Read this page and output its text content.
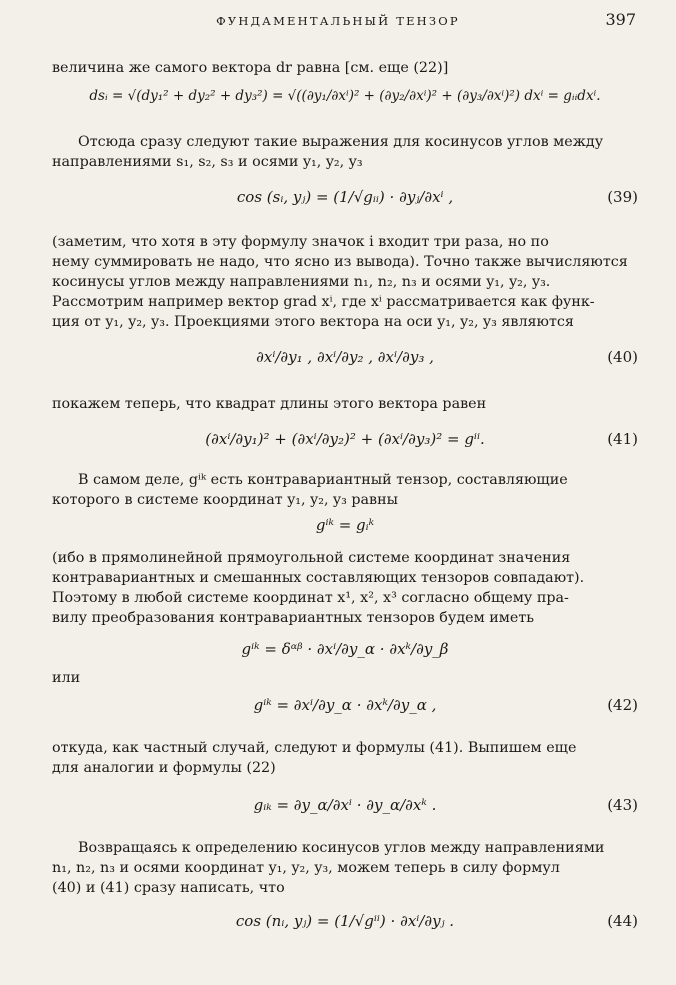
ФУНДАМЕНТАЛЬНЫЙ ТЕНЗОР	397
величина же самого вектора dr равна [см. еще (22)]
dsᵢ = √(dy₁² + dy₂² + dy₃²) = √((∂y₁/∂xⁱ)² + (∂y₂/∂xⁱ)² + (∂y₃/∂xⁱ)²) dxⁱ = gᵢᵢdxⁱ.
Отсюда сразу следуют такие выражения для косинусов углов между
направлениями s₁, s₂, s₃ и осями y₁, y₂, y₃
cos (sᵢ, yⱼ) = (1/√gᵢᵢ) · ∂yⱼ/∂xⁱ ,	(39)
(заметим, что хотя в эту формулу значок i входит три раза, но по
нему суммировать не надо, что ясно из вывода). Точно также вычисляются
косинусы углов между направлениями n₁, n₂, n₃ и осями y₁, y₂, y₃.
Рассмотрим например вектор grad xⁱ, где xⁱ рассматривается как функ-
ция от y₁, y₂, y₃. Проекциями этого вектора на оси y₁, y₂, y₃ являются
∂xⁱ/∂y₁ , ∂xⁱ/∂y₂ , ∂xⁱ/∂y₃ ,	(40)
покажем теперь, что квадрат длины этого вектора равен
(∂xⁱ/∂y₁)² + (∂xⁱ/∂y₂)² + (∂xⁱ/∂y₃)² = gⁱⁱ.	(41)
В самом деле, gⁱᵏ есть контравариантный тензор, составляющие
которого в системе координат y₁, y₂, y₃ равны
gⁱᵏ = gᵢᵏ
(ибо в прямолинейной прямоугольной системе координат значения
контравариантных и смешанных составляющих тензоров совпадают).
Поэтому в любой системе координат x¹, x², x³ согласно общему пра-
вилу преобразования контравариантных тензоров будем иметь
gⁱᵏ = δᵅᵝ · ∂xⁱ/∂y_α · ∂xᵏ/∂y_β
или
gⁱᵏ = ∂xⁱ/∂y_α · ∂xᵏ/∂y_α ,	(42)
откуда, как частный случай, следуют и формулы (41). Выпишем еще
для аналогии и формулы (22)
gᵢₖ = ∂y_α/∂xⁱ · ∂y_α/∂xᵏ .	(43)
Возвращаясь к определению косинусов углов между направлениями
n₁, n₂, n₃ и осями координат y₁, y₂, y₃, можем теперь в силу формул
(40) и (41) сразу написать, что
cos (nᵢ, yⱼ) = (1/√gⁱⁱ) · ∂xⁱ/∂yⱼ .	(44)
